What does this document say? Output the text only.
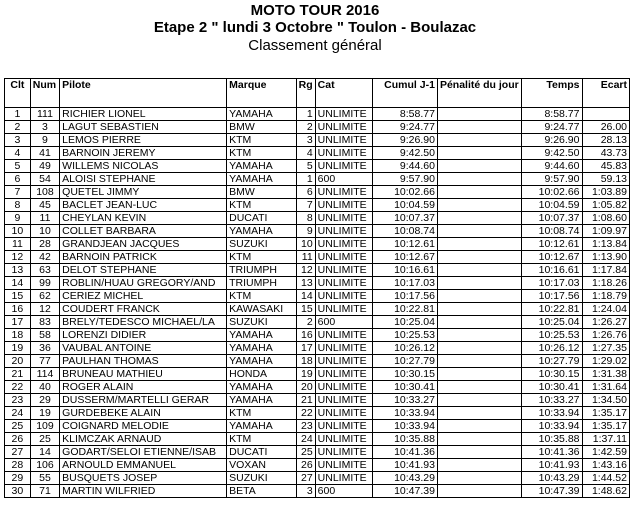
MOTO TOUR 2016
Etape 2 " lundi 3 Octobre " Toulon - Boulazac
Classement général
Clt	Num	Pilote	Marque	Rg	Cat	Cumul J-1	Pénalité du jour	Temps	Ecart
1	111	RICHIER LIONEL	YAMAHA	1	UNLIMITE	8:58.77		8:58.77	
2	3	LAGUT SEBASTIEN	BMW	2	UNLIMITE	9:24.77		9:24.77	26.00
3	9	LEMOS PIERRE	KTM	3	UNLIMITE	9:26.90		9:26.90	28.13
4	41	BARNOIN JEREMY	KTM	4	UNLIMITE	9:42.50		9:42.50	43.73
5	49	WILLEMS NICOLAS	YAMAHA	5	UNLIMITE	9:44.60		9:44.60	45.83
6	54	ALOISI STEPHANE	YAMAHA	1	600	9:57.90		9:57.90	59.13
7	108	QUETEL JIMMY	BMW	6	UNLIMITE	10:02.66		10:02.66	1:03.89
8	45	BACLET JEAN-LUC	KTM	7	UNLIMITE	10:04.59		10:04.59	1:05.82
9	11	CHEYLAN KEVIN	DUCATI	8	UNLIMITE	10:07.37		10:07.37	1:08.60
10	10	COLLET BARBARA	YAMAHA	9	UNLIMITE	10:08.74		10:08.74	1:09.97
11	28	GRANDJEAN JACQUES	SUZUKI	10	UNLIMITE	10:12.61		10:12.61	1:13.84
12	42	BARNOIN PATRICK	KTM	11	UNLIMITE	10:12.67		10:12.67	1:13.90
13	63	DELOT STEPHANE	TRIUMPH	12	UNLIMITE	10:16.61		10:16.61	1:17.84
14	99	ROBLIN/HUAU GREGORY/AND	TRIUMPH	13	UNLIMITE	10:17.03		10:17.03	1:18.26
15	62	CERIEZ MICHEL	KTM	14	UNLIMITE	10:17.56		10:17.56	1:18.79
16	12	COUDERT FRANCK	KAWASAKI	15	UNLIMITE	10:22.81		10:22.81	1:24.04
17	83	BRELY/TEDESCO MICHAEL/LA	SUZUKI	2	600	10:25.04		10:25.04	1:26.27
18	58	LORENZI DIDIER	YAMAHA	16	UNLIMITE	10:25.53		10:25.53	1:26.76
19	36	VAUBAL ANTOINE	YAMAHA	17	UNLIMITE	10:26.12		10:26.12	1:27.35
20	77	PAULHAN THOMAS	YAMAHA	18	UNLIMITE	10:27.79		10:27.79	1:29.02
21	114	BRUNEAU MATHIEU	HONDA	19	UNLIMITE	10:30.15		10:30.15	1:31.38
22	40	ROGER ALAIN	YAMAHA	20	UNLIMITE	10:30.41		10:30.41	1:31.64
23	29	DUSSERM/MARTELLI GERAR	YAMAHA	21	UNLIMITE	10:33.27		10:33.27	1:34.50
24	19	GURDEBEKE ALAIN	KTM	22	UNLIMITE	10:33.94		10:33.94	1:35.17
25	109	COIGNARD MELODIE	YAMAHA	23	UNLIMITE	10:33.94		10:33.94	1:35.17
26	25	KLIMCZAK ARNAUD	KTM	24	UNLIMITE	10:35.88		10:35.88	1:37.11
27	14	GODART/SELOI ETIENNE/ISAB	DUCATI	25	UNLIMITE	10:41.36		10:41.36	1:42.59
28	106	ARNOULD EMMANUEL	VOXAN	26	UNLIMITE	10:41.93		10:41.93	1:43.16
29	55	BUSQUETS JOSEP	SUZUKI	27	UNLIMITE	10:43.29		10:43.29	1:44.52
30	71	MARTIN WILFRIED	BETA	3	600	10:47.39		10:47.39	1:48.62
